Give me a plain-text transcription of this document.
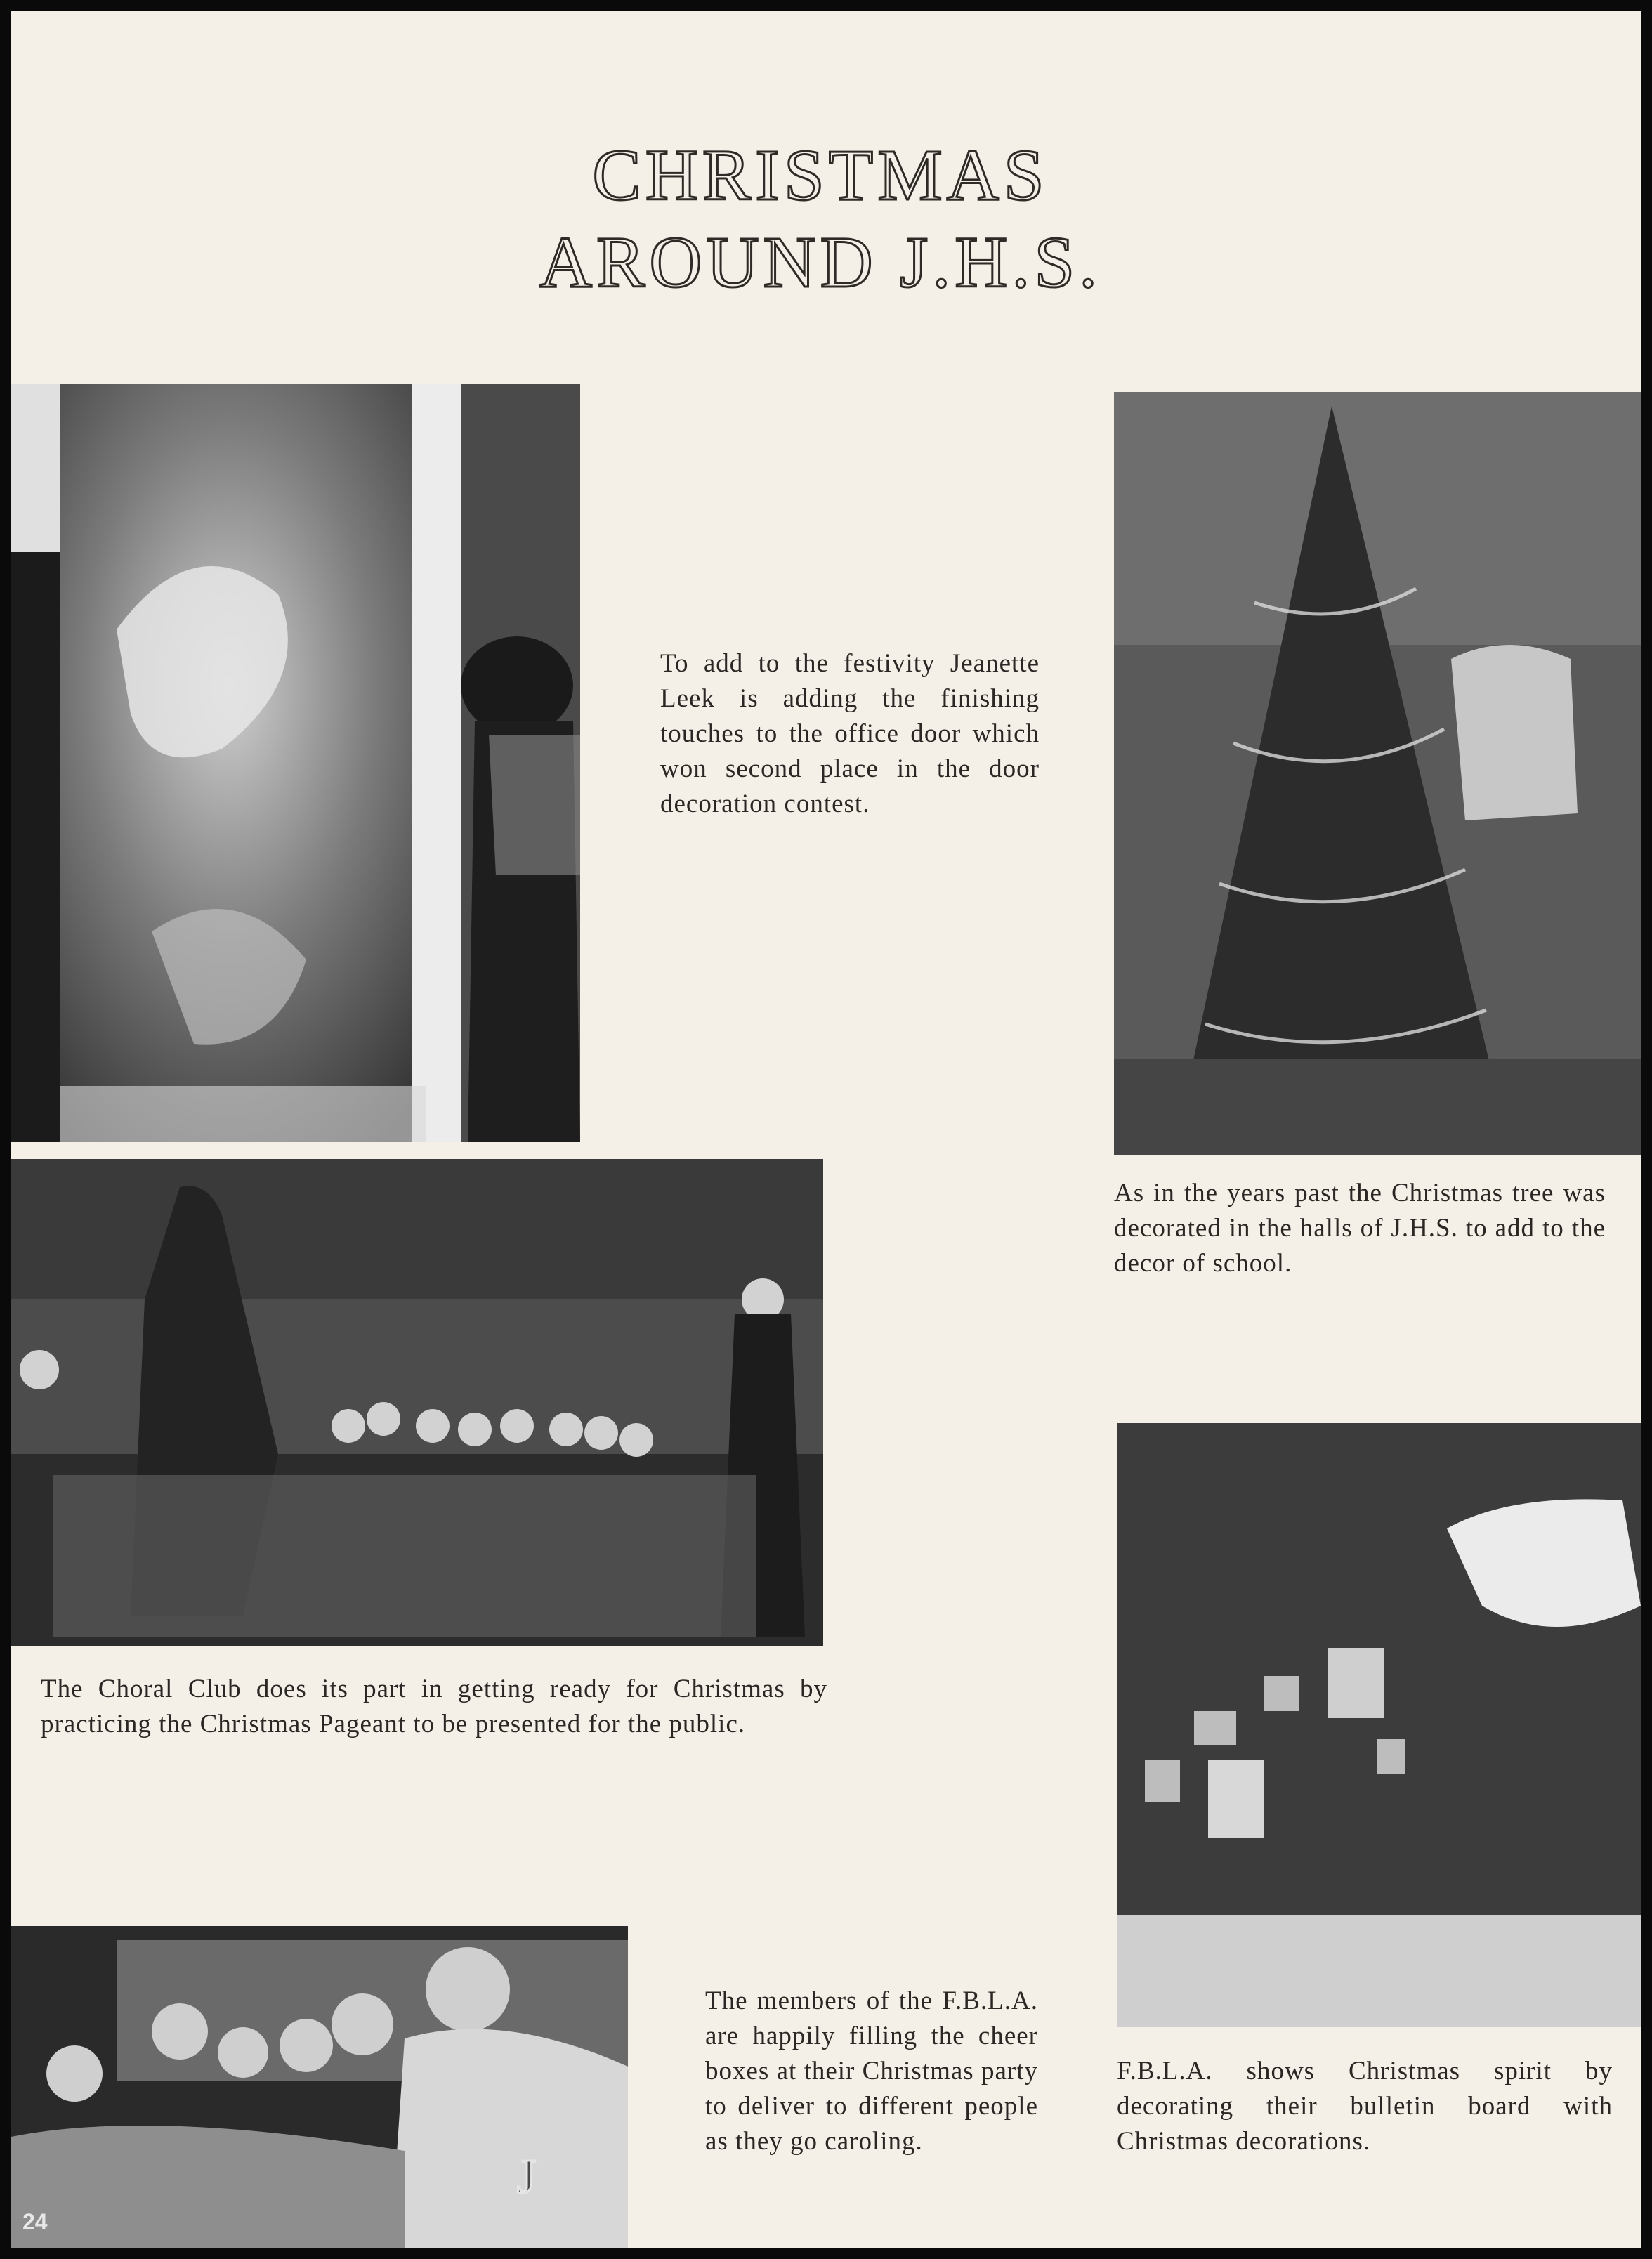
CHRISTMAS
AROUND J.H.S.
To add to the festivity Jeanette Leek is adding the finishing touches to the office door which won second place in the door decoration contest.
As in the years past the Christmas tree was decorated in the halls of J.H.S. to add to the decor of school.
The Choral Club does its part in getting ready for Christmas by practicing the Christmas Pageant to be presented for the public.
F.B.L.A. shows Christmas spirit by decorating their bulletin board with Christmas decorations.
J
24
The members of the F.B.L.A. are happily filling the cheer boxes at their Christmas party to deliver to different people as they go caroling.
